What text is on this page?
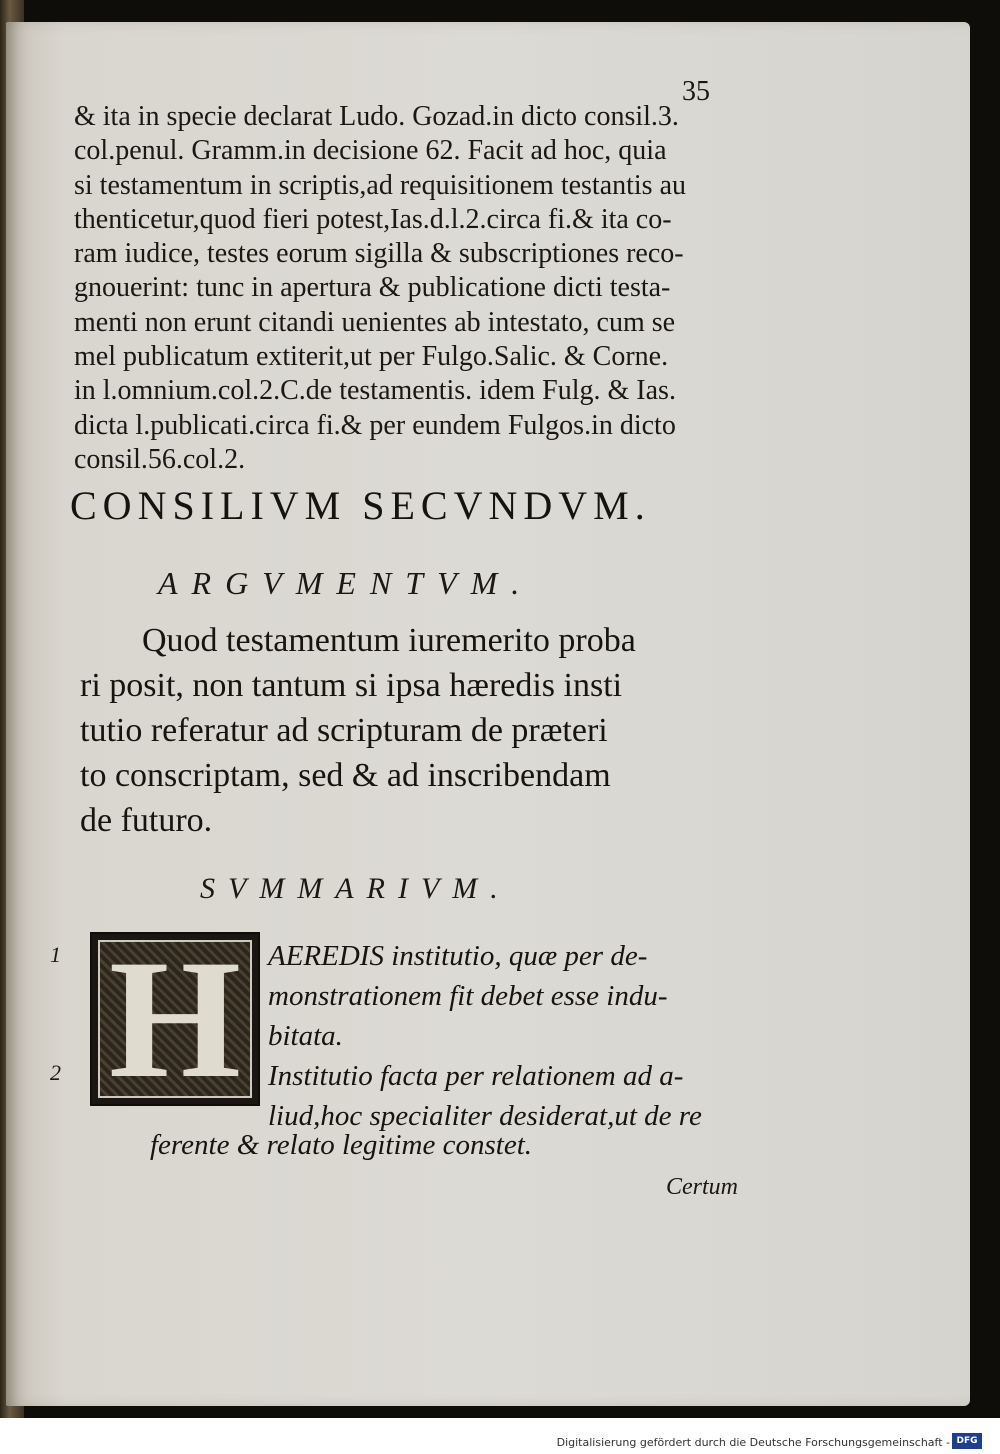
35
& ita in specie declarat Ludo. Gozad.in dicto consil.3.
col.penul. Gramm.in decisione 62. Facit ad hoc, quia
si testamentum in scriptis,ad requisitionem testantis au
thenticetur,quod fieri potest,Ias.d.l.2.circa fi.& ita co-
ram iudice, testes eorum sigilla & subscriptiones reco-
gnouerint: tunc in apertura & publicatione dicti testa-
menti non erunt citandi uenientes ab intestato, cum se
mel publicatum extiterit,ut per Fulgo.Salic. & Corne.
in l.omnium.col.2.C.de testamentis. idem Fulg. & Ias.
dicta l.publicati.circa fi.& per eundem Fulgos.in dicto
consil.56.col.2.
CONSILIVM SECVNDVM.
ARGVMENTVM.
Quod testamentum iuremerito proba
ri posit, non tantum si ipsa hæredis insti
tutio referatur ad scripturam de præteri
to conscriptam, sed & ad inscribendam
de futuro.
SVMMARIVM.
1
2 H AEREDIS institutio, quæ per de-
monstrationem fit debet esse indu-
bitata.
Institutio facta per relationem ad a-
liud,hoc specialiter desiderat,ut de re
ferente & relato legitime constet.
Certum
Digitalisierung gefördert durch die Deutsche Forschungsgemeinschaft - DFG
